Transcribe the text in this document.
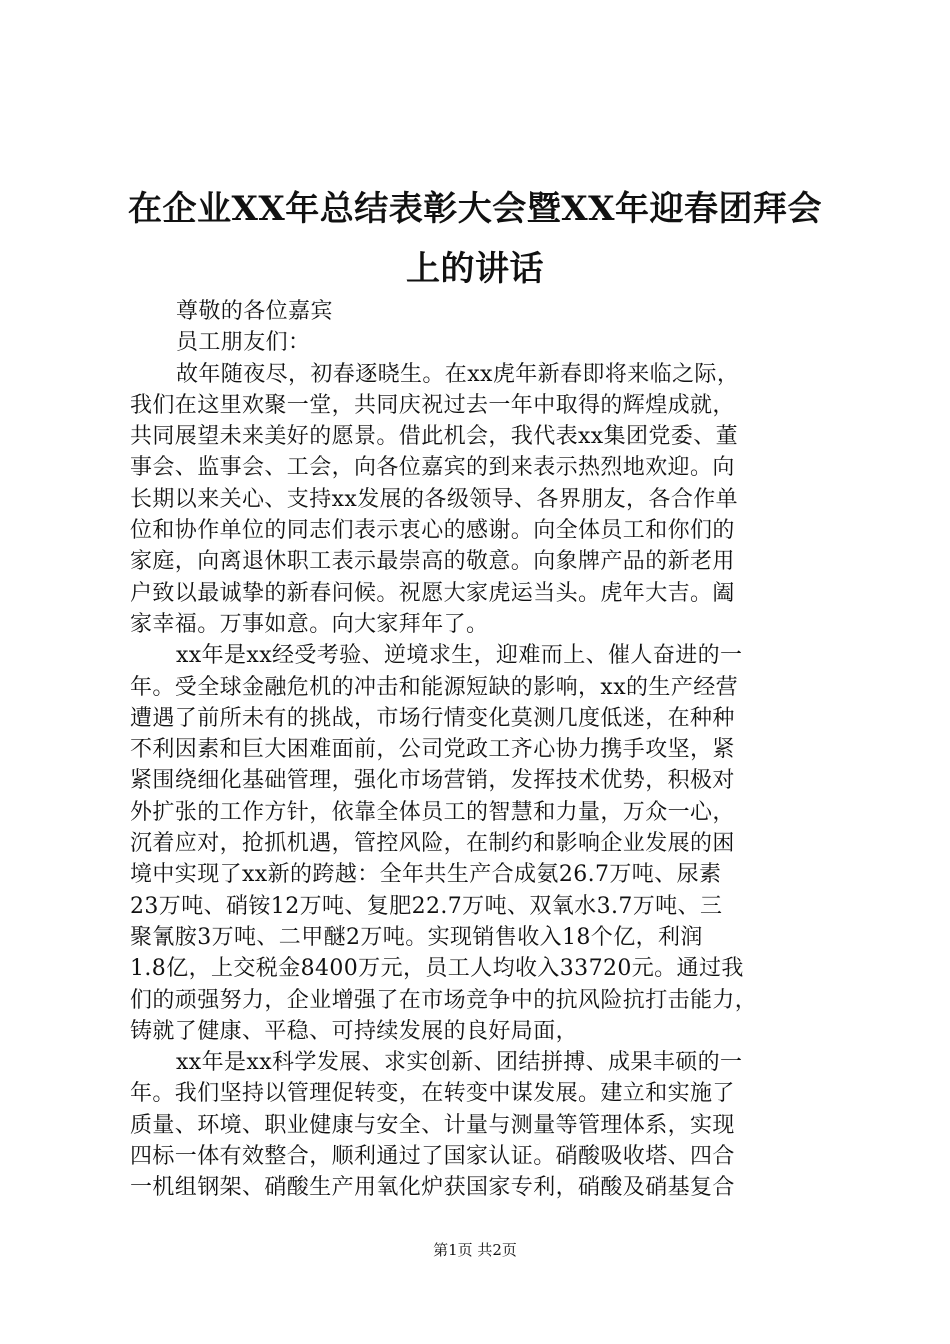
在企业XX年总结表彰大会暨XX年迎春团拜会
上的讲话
尊敬的各位嘉宾
员工朋友们：
故年随夜尽，初春逐晓生。在xx虎年新春即将来临之际，
我们在这里欢聚一堂，共同庆祝过去一年中取得的辉煌成就，
共同展望未来美好的愿景。借此机会，我代表xx集团党委、董
事会、监事会、工会，向各位嘉宾的到来表示热烈地欢迎。向
长期以来关心、支持xx发展的各级领导、各界朋友，各合作单
位和协作单位的同志们表示衷心的感谢。向全体员工和你们的
家庭，向离退休职工表示最崇高的敬意。向象牌产品的新老用
户致以最诚挚的新春问候。祝愿大家虎运当头。虎年大吉。阖
家幸福。万事如意。向大家拜年了。
xx年是xx经受考验、逆境求生，迎难而上、催人奋进的一
年。受全球金融危机的冲击和能源短缺的影响，xx的生产经营
遭遇了前所未有的挑战，市场行情变化莫测几度低迷，在种种
不利因素和巨大困难面前，公司党政工齐心协力携手攻坚，紧
紧围绕细化基础管理，强化市场营销，发挥技术优势，积极对
外扩张的工作方针，依靠全体员工的智慧和力量，万众一心，
沉着应对，抢抓机遇，管控风险，在制约和影响企业发展的困
境中实现了xx新的跨越：全年共生产合成氨26.7万吨、尿素
23万吨、硝铵12万吨、复肥22.7万吨、双氧水3.7万吨、三
聚氰胺3万吨、二甲醚2万吨。实现销售收入18个亿，利润
1.8亿，上交税金8400万元，员工人均收入33720元。通过我
们的顽强努力，企业增强了在市场竞争中的抗风险抗打击能力，
铸就了健康、平稳、可持续发展的良好局面，
xx年是xx科学发展、求实创新、团结拼搏、成果丰硕的一
年。我们坚持以管理促转变，在转变中谋发展。建立和实施了
质量、环境、职业健康与安全、计量与测量等管理体系，实现
四标一体有效整合，顺利通过了国家认证。硝酸吸收塔、四合
一机组钢架、硝酸生产用氧化炉获国家专利，硝酸及硝基复合
第1页 共2页
